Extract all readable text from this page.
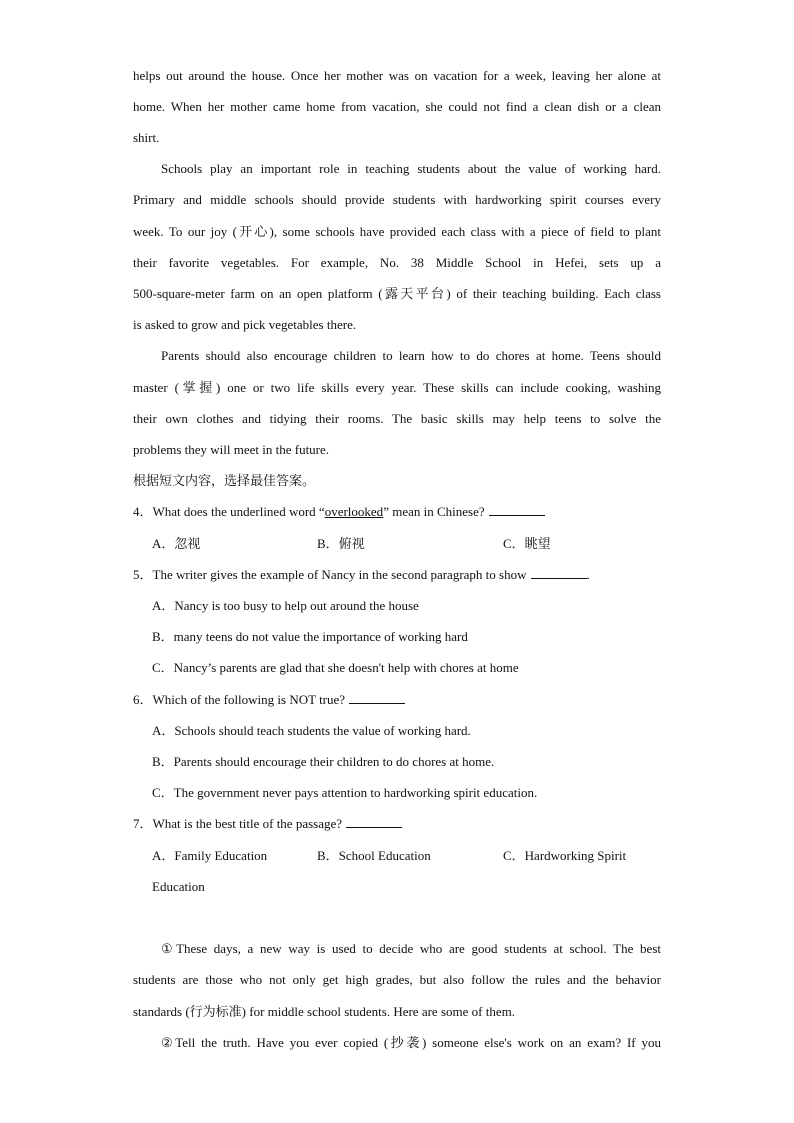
helps out around the house. Once her mother was on vacation for a week, leaving her alone at
home. When her mother came home from vacation, she could not find a clean dish or a clean
shirt.
Schools play an important role in teaching students about the value of working hard.
Primary and middle schools should provide students with hardworking spirit courses every
week. To our joy (开心), some schools have provided each class with a piece of field to plant
their favorite vegetables. For example, No. 38 Middle School in Hefei, sets up a
500-square-meter farm on an open platform (露天平台) of their teaching building. Each class
is asked to grow and pick vegetables there.
Parents should also encourage children to learn how to do chores at home. Teens should
master (掌握) one or two life skills every year. These skills can include cooking, washing
their own clothes and tidying their rooms. The basic skills may help teens to solve the
problems they will meet in the future.
根据短文内容，选择最佳答案。
4．What does the underlined word “overlooked” mean in Chinese?
A．忽视	B．俯视	C．眺望
5．The writer gives the example of Nancy in the second paragraph to show	.
A．Nancy is too busy to help out around the house
B．many teens do not value the importance of working hard
C．Nancy’s parents are glad that she doesn't help with chores at home
6．Which of the following is NOT true?
A．Schools should teach students the value of working hard.
B．Parents should encourage their children to do chores at home.
C．The government never pays attention to hardworking spirit education.
7．What is the best title of the passage?
A．Family Education	B．School Education	C．Hardworking Spirit
Education
①These days, a new way is used to decide who are good students at school. The best
students are those who not only get high grades, but also follow the rules and the behavior
standards (行为标准) for middle school students. Here are some of them.
②Tell the truth. Have you ever copied (抄袭) someone else's work on an exam? If you
